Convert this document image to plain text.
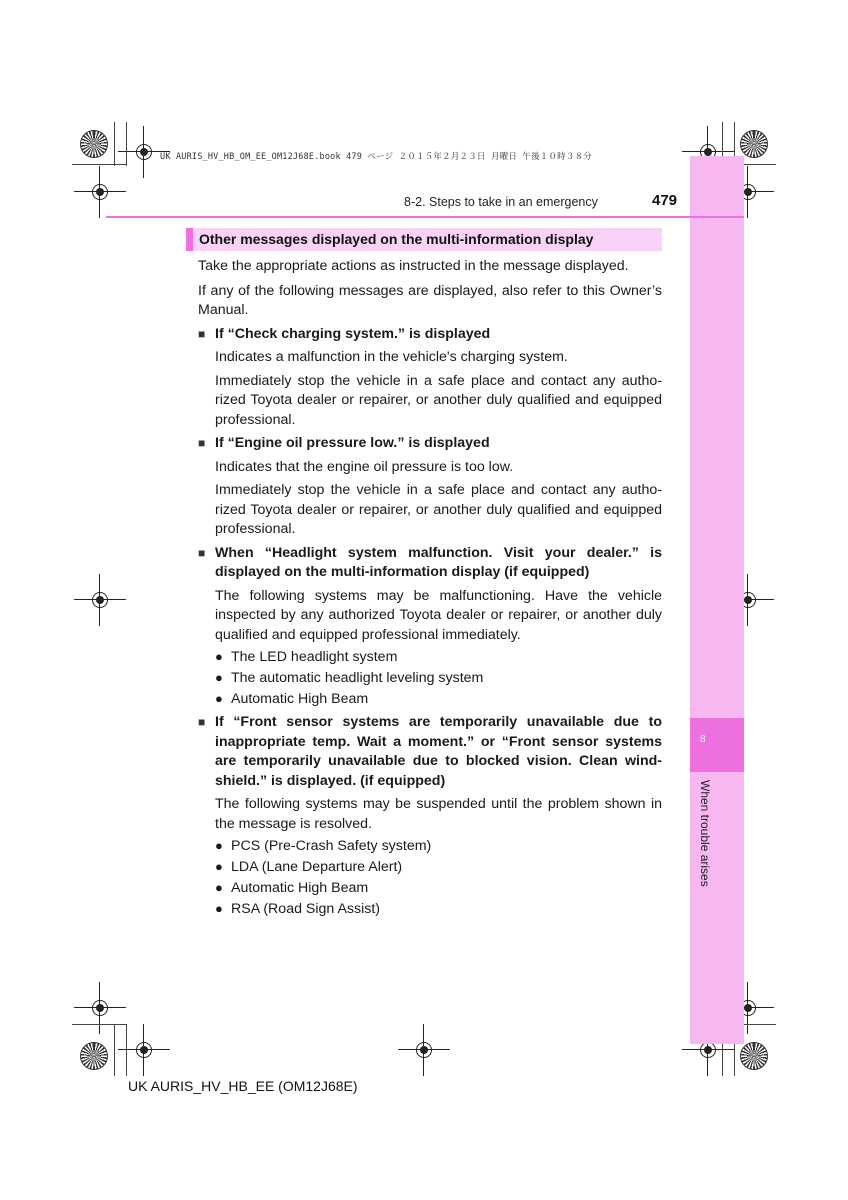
UK AURIS_HV_HB_OM_EE_OM12J68E.book 479 ページ ２０１５年２月２３日 月曜日 午後１０時３８分
8
When trouble arises
8-2. Steps to take in an emergency	479
Other messages displayed on the multi-information display

Take the appropriate actions as instructed in the message displayed.

If any of the following messages are displayed, also refer to this Owner’s Manual.

■ If “Check charging system.” is displayed

Indicates a malfunction in the vehicle's charging system.

Immediately stop the vehicle in a safe place and contact any autho- rized Toyota dealer or repairer, or another duly qualified and equipped professional.

■ If “Engine oil pressure low.” is displayed

Indicates that the engine oil pressure is too low.

Immediately stop the vehicle in a safe place and contact any autho- rized Toyota dealer or repairer, or another duly qualified and equipped professional.

■ When “Headlight system malfunction. Visit your dealer.” is displayed on the multi-information display (if equipped)

The following systems may be malfunctioning. Have the vehicle inspected by any authorized Toyota dealer or repairer, or another duly qualified and equipped professional immediately.

● The LED headlight system
● The automatic headlight leveling system
● Automatic High Beam
■ If “Front sensor systems are temporarily unavailable due to inappropriate temp. Wait a moment.” or “Front sensor systems are temporarily unavailable due to blocked vision. Clean wind- shield.” is displayed. (if equipped)

The following systems may be suspended until the problem shown in the message is resolved.

● PCS (Pre-Crash Safety system)
● LDA (Lane Departure Alert)
● Automatic High Beam
● RSA (Road Sign Assist)
UK AURIS_HV_HB_EE (OM12J68E)
